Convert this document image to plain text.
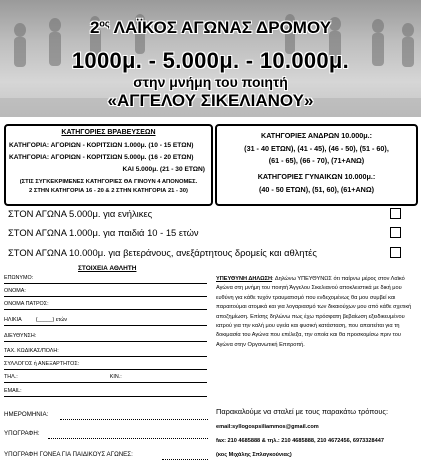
$2^{o\varsigma}$ ΛΑΪΚΟΣ ΑΓΩΝΑΣ ΔΡΟΜΟΥ
1000μ. - 5.000μ. - 10.000μ.
στην μνήμη του ποιητή
«ΑΓΓΕΛΟΥ ΣΙΚΕΛΙΑΝΟΥ»
ΚΑΤΗΓΟΡΙΕΣ ΒΡΑΒΕΥΣΕΩΝ
ΚΑΤΗΓΟΡΙΑ: ΑΓΟΡΙΩΝ - ΚΟΡΙΤΣΙΩΝ 1.000μ. (10 - 15 ΕΤΩΝ)
ΚΑΤΗΓΟΡΙΑ: ΑΓΟΡΙΩΝ - ΚΟΡΙΤΣΙΩΝ 5.000μ. (16 - 20 ΕΤΩΝ)
ΚΑΙ 5.000μ. (21 - 30 ΕΤΩΝ)
(ΣΤΙΣ ΣΥΓΚΕΚΡΙΜΕΝΕΣ ΚΑΤΗΓΟΡΙΕΣ ΘΑ ΓΙΝΟΥΝ 4 ΑΠΟΝΟΜΕΣ.
2 ΣΤΗΝ ΚΑΤΗΓΟΡΙΑ 16 - 20 & 2 ΣΤΗΝ ΚΑΤΗΓΟΡΙΑ 21 - 30)
ΚΑΤΗΓΟΡΙΕΣ ΑΝΔΡΩΝ 10.000μ.:
(31 - 40 ΕΤΩΝ), (41 - 45), (46 - 50), (51 - 60),
(61 - 65), (66 - 70), (71+ΑΝΩ)
ΚΑΤΗΓΟΡΙΕΣ ΓΥΝΑΙΚΩΝ 10.000μ.:
(40 - 50 ΕΤΩΝ), (51, 60), (61+ΑΝΩ)
ΣΤΟΝ ΑΓΩΝΑ 5.000μ. για ενήλικες
ΣΤΟΝ ΑΓΩΝΑ 1.000μ. για παιδιά 10 - 15 ετών
ΣΤΟΝ ΑΓΩΝΑ 10.000μ. για βετεράνους, ανεξάρτητους δρομείς και αθλητές
ΣΤΟΙΧΕΙΑ ΑΘΛΗΤΗ
ΕΠΩΝΥΜΟ:
ΟΝΟΜΑ:
ΟΝΟΜΑ ΠΑΤΡΟΣ:
ΗΛΙΚΙΑ	(_____) ετών
ΔΙΕΥΘΥΝΣΗ:
ΤΑΧ. ΚΩΔΙΚΑΣ/ΠΟΛΗ:
ΣΥΛΛΟΓΟΣ ή ΑΝΕΞΑΡΤΗΤΟΣ:
ΤΗΛ.:	ΚΙΝ.:
EMAIL:
ΥΠΕΥΘΥΝΗ ΔΗΛΩΣΗ: Δηλώνω ΥΠΕΥΘΥΝΩΣ ότι παίρνω μέρος στον Λαϊκό Αγώνα στη μνήμη του ποιητή Άγγελου Σικελιανού αποκλειστικά με δική μου ευθύνη για κάθε τυχόν τραυματισμό που ενδεχομένως θα μου συμβεί και παραιτούμαι ατομικά και για λογαριασμό των δικαιούχων μου από κάθε σχετική αποζημίωση. Επίσης δηλώνω πως έχω πρόσφατη βεβαίωση εξειδικευμένου ιατρού για την καλή μου υγεία και φυσική κατάσταση, που απαιτείται για τη δοκιμασία του Αγώνα που επέλεξα, την οποία και θα προσκομίσω πριν του Αγώνα στην Οργανωτική Επιτροπή.
Παρακαλούμε να σταλεί με τους παρακάτω τρόπους:
email:syllogospsiliammos@gmail.com
fax: 210 4685888 & τηλ.: 210 4685888, 210 4672456, 6973328447
(κος Μιχάλης Σπλαγκούνιας)
ΗΜΕΡΟΜΗΝΙΑ:
ΥΠΟΓΡΑΦΗ:
ΥΠΟΓΡΑΦΗ ΓΟΝΕΑ ΓΙΑ ΠΑΙΔΙΚΟΥΣ ΑΓΩΝΕΣ:
